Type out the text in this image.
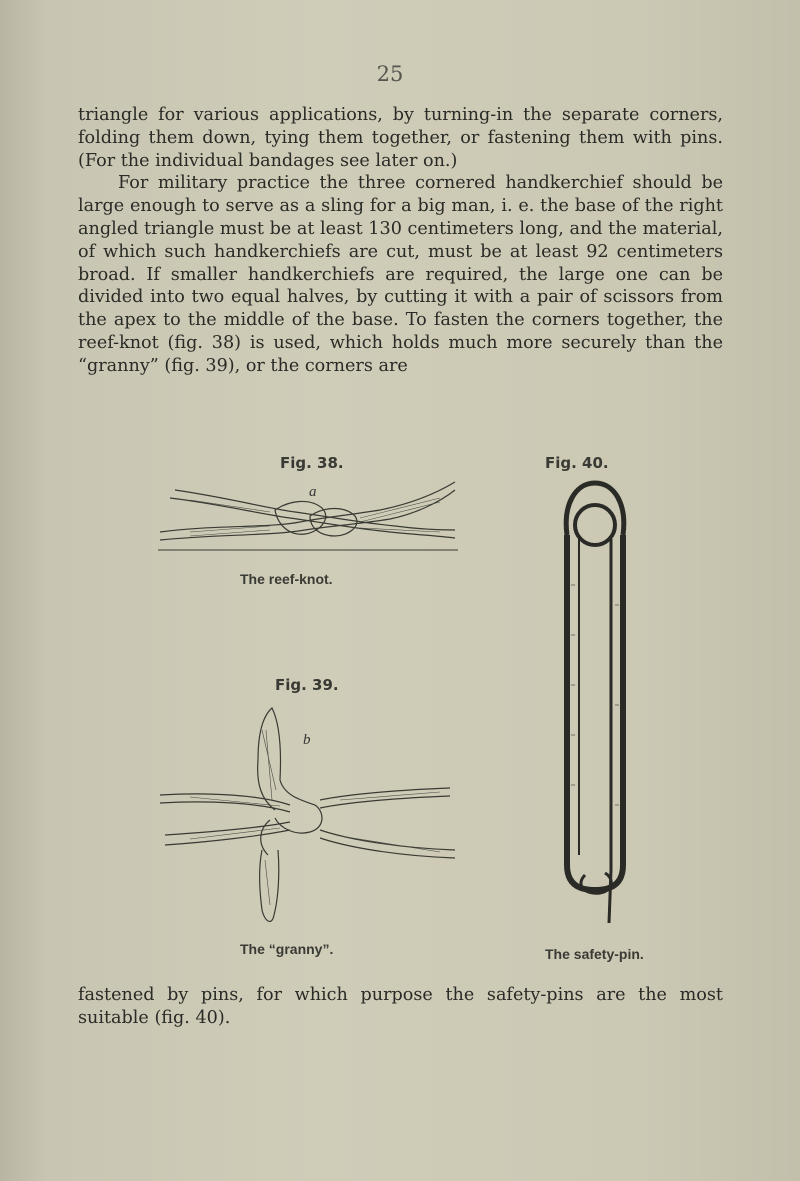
25

triangle for various applications, by turning-in the separate corners, folding them down, tying them together, or fastening them with pins. (For the individual bandages see later on.)

For military practice the three cornered handkerchief should be large enough to serve as a sling for a big man, i. e. the base of the right angled triangle must be at least 130 centimeters long, and the material, of which such handkerchiefs are cut, must be at least 92 centimeters broad. If smaller handkerchiefs are required, the large one can be divided into two equal halves, by cutting it with a pair of scissors from the apex to the middle of the base. To fasten the corners together, the reef-knot (fig. 38) is used, which holds much more securely than the “granny” (fig. 39), or the corners are

Fig. 38.
a
The reef-knot.
Fig. 39.
b
The “granny”.
Fig. 40.
The safety-pin.

fastened by pins, for which purpose the safety-pins are the most suitable (fig. 40).
